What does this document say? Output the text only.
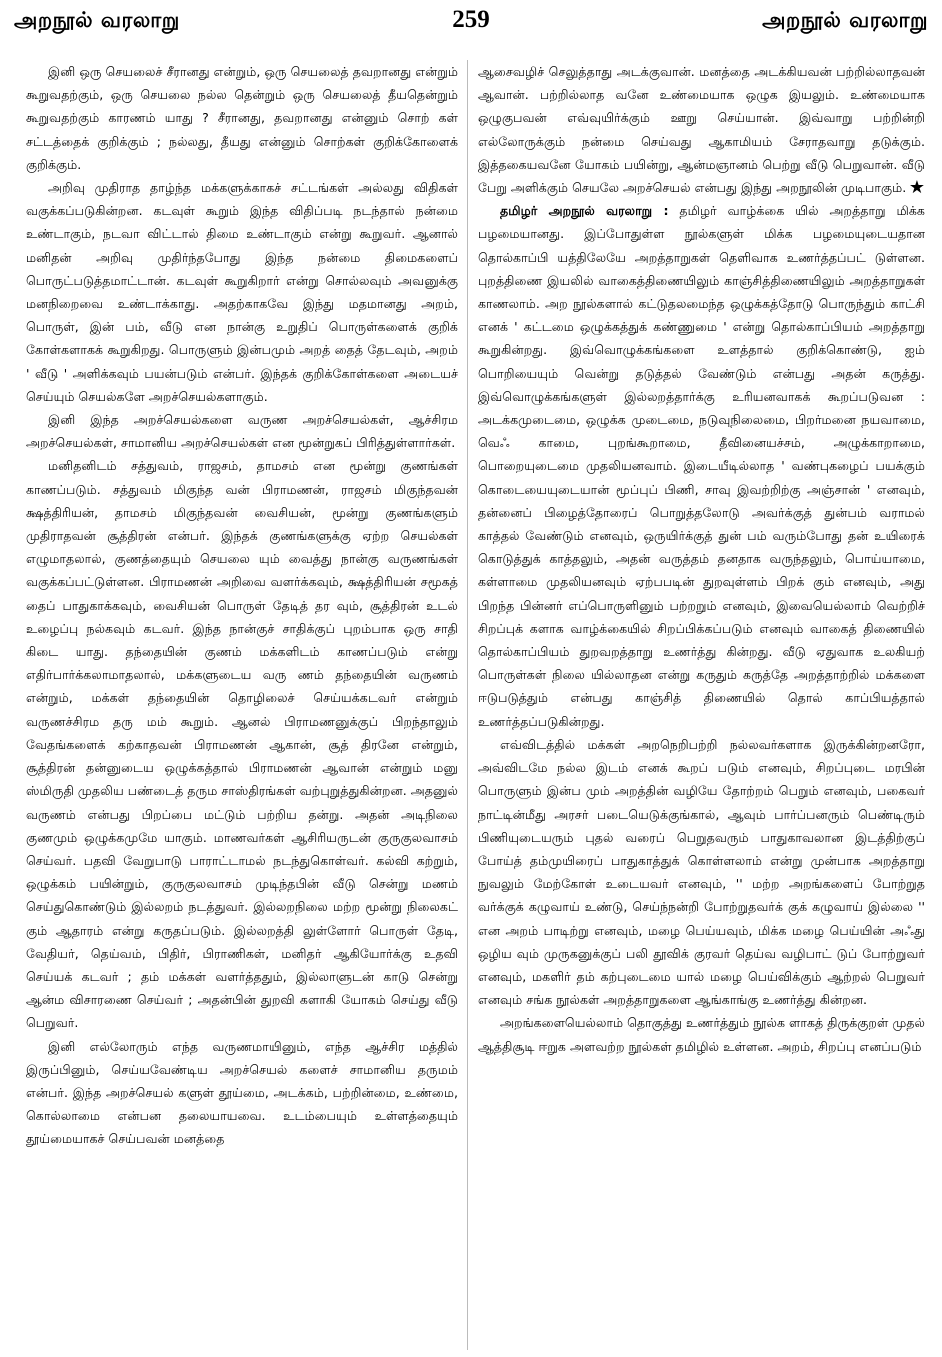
அறநூல் வரலாறு	259	அறநூல் வரலாறு

இனி ஒரு செயலைச் சீரானது என்றும், ஒரு செயலைத் தவறானது என்றும் கூறுவதற்கும், ஒரு செயலை நல்ல தென்றும் ஒரு செயலைத் தீயதென்றும் கூறுவதற்கும் காரணம் யாது ? சீரானது, தவறானது என்னும் சொற் கள் சட்டத்தைக் குறிக்கும் ; நல்லது, தீயது என்னும் சொற்கள் குறிக்கோளைக் குறிக்கும்.

அறிவு முதிராத தாழ்ந்த மக்களுக்காகச் சட்டங்கள் அல்லது விதிகள் வகுக்கப்படுகின்றன. கடவுள் கூறும் இந்த விதிப்படி நடந்தால் நன்மை உண்டாகும், நடவா விட்டால் திமை உண்டாகும் என்று கூறுவர். ஆனால் மனிதன் அறிவு முதிர்ந்தபோது இந்த நன்மை திமைகளைப் பொருட்படுத்தமாட்டான். கடவுள் கூறுகிறார் என்று சொல்லவும் அவனுக்கு மனநிறைவை உண்டாக்காது. அதற்காகவே இந்து மதமானது அறம், பொருள், இன் பம், வீடு என நான்கு உறுதிப் பொருள்களைக் குறிக் கோள்களாகக் கூறுகிறது. பொருளும் இன்பமும் அறத் தைத் தேடவும், அறம் ' வீடு ' அளிக்கவும் பயன்படும் என்பர். இந்தக் குறிக்கோள்களை அடையச் செய்யும் செயல்களே அறச்செயல்களாகும்.

இனி இந்த அறச்செயல்களை வருண அறச்செயல்கள், ஆச்சிரம அறச்செயல்கள், சாமானிய அறச்செயல்கள் என மூன்றுகப் பிரித்துள்ளார்கள்.

மனிதனிடம் சத்துவம், ராஜசம், தாமசம் என மூன்று குணங்கள் காணப்படும். சத்துவம் மிகுந்த வன் பிராமணன், ராஜசம் மிகுந்தவன் க்ஷத்திரியன், தாமசம் மிகுந்தவன் வைசியன், மூன்று குணங்களும் முதிராதவன் சூத்திரன் என்பர். இந்தக் குணங்களுக்கு ஏற்ற செயல்கள் எழுமாதலால், குணத்தையும் செயலை யும் வைத்து நான்கு வருணங்கள் வகுக்கப்பட்டுள்ளன. பிராமணன் அறிவை வளர்க்கவும், க்ஷத்திரியன் சமூகத் தைப் பாதுகாக்கவும், வைசியன் பொருள் தேடித் தர வும், சூத்திரன் உடல் உழைப்பு நல்கவும் கடவர். இந்த நான்குச் சாதிக்குப் புறம்பாக ஒரு சாதி கிடை யாது. தந்தையின் குணம் மக்களிடம் காணப்படும் என்று எதிர்பார்க்கலாமாதலால், மக்களுடைய வரு ணம் தந்தையின் வருணம் என்றும், மக்கள் தந்தையின் தொழிலைச் செய்யக்கடவர் என்றும் வருணச்சிரம தரு மம் கூறும். ஆனல் பிராமணனுக்குப் பிறந்தாலும் வேதங்களைக் கற்காதவன் பிராமணன் ஆகான், சூத் திரனே என்றும், சூத்திரன் தன்னுடைய ஒழுக்கத்தால் பிராமணன் ஆவான் என்றும் மனு ஸ்மிருதி முதலிய பண்டைத் தரும சாஸ்திரங்கள் வற்புறுத்துகின்றன. அதனுல் வருணம் என்பது பிறப்பை மட்டும் பற்றிய தன்று. அதன் அடிநிலை குணமும் ஒழுக்கமுமே யாகும். மாணவர்கள் ஆசிரியருடன் குருகுலவாசம் செய்வர். பதவி வேறுபாடு பாராட்டாமல் நடந்துகொள்வர். கல்வி கற்றும், ஒழுக்கம் பயின்றும், குருகுலவாசம் முடிந்தபின் வீடு சென்று மணம் செய்துகொண்டும் இல்லறம் நடத்துவர். இல்லறநிலை மற்ற மூன்று நிலைகட் கும் ஆதாரம் என்று கருதப்படும். இல்லறத்தி லுள்ளோர் பொருள் தேடி, வேதியர், தெய்வம், பிதிர், பிராணிகள், மனிதர் ஆகியோர்க்கு உதவி செய்யக் கடவர் ; தம் மக்கள் வளர்த்ததும், இல்லாளுடன் காடு சென்று ஆன்ம விசாரணை செய்வர் ; அதன்பின் துறவி களாகி யோகம் செய்து வீடு பெறுவர்.

இனி எல்லோரும் எந்த வருணமாயினும், எந்த ஆச்சிர மத்தில் இருப்பினும், செய்யவேண்டிய அறச்செயல் களைச் சாமானிய தருமம் என்பர். இந்த அறச்செயல் களுள் தூய்மை, அடக்கம், பற்றின்மை, உண்மை, கொல்லாமை என்பன தலையாயவை. உடம்பையும் உள்ளத்தையும் தூய்மையாகச் செய்பவன் மனத்தை

ஆசைவழிச் செலுத்தாது அடக்குவான். மனத்தை அடக்கியவன் பற்றில்லாதவன் ஆவான். பற்றில்லாத வனே உண்மையாக ஒழுக இயலும். உண்மையாக ஒழுகுபவன் எவ்வுயிர்க்கும் ஊறு செய்யான். இவ்வாறு பற்றின்றி எல்லோருக்கும் நன்மை செய்வது ஆகாமியம் சேராதவாறு தடுக்கும். இத்தகையவனே யோகம் பயின்று, ஆன்மஞானம் பெற்று வீடு பெறுவான். வீடு பேறு அளிக்கும் செயலே அறச்செயல் என்பது இந்து அறநூலின் முடிபாகும். ★

தமிழர் அறநூல் வரலாறு : தமிழர் வாழ்க்கை யில் அறத்தாறு மிக்க பழமையானது. இப்போதுள்ள நூல்களுள் மிக்க பழமையுடையதான தொல்காப்பி யத்திலேயே அறத்தாறுகள் தெளிவாக உணர்த்தப்பட் டுள்ளன. புறத்திணை இயலில் வாகைத்திணையிலும் காஞ்சித்திணையிலும் அறத்தாறுகள் காணலாம். அற நூல்களால் கட்டுதலமைந்த ஒழுக்கத்தோடு பொருந்தும் காட்சி எனக் ' கட்டமை ஒழுக்கத்துக் கண்ணுமை ' என்று தொல்காப்பியம் அறத்தாறு கூறுகின்றது. இவ்வொழுக்கங்களை உளத்தால் குறிக்கொண்டு, ஐம் பொறியையும் வென்று தடுத்தல் வேண்டும் என்பது அதன் கருத்து. இவ்வொழுக்கங்களுள் இல்லறத்தார்க்கு உரியனவாகக் கூறப்படுவன : அடக்கமுடைமை, ஒழுக்க முடைமை, நடுவுநிலைமை, பிறர்மனை நயவாமை, வெஃ காமை, புறங்கூறாமை, தீவினையச்சம், அழுக்காறாமை, பொறையுடைமை முதலியனவாம். இடையீடில்லாத ' வண்புகழைப் பயக்கும் கொடையையுடையான் மூப்புப் பிணி, சாவு இவற்றிற்கு அஞ்சான் ' எனவும், தன்னைப் பிழைத்தோரைப் பொறுத்தலோடு அவர்க்குத் துன்பம் வராமல் காத்தல் வேண்டும் எனவும், ஒருயிர்க்குத் துன் பம் வரும்போது தன் உயிரைக் கொடுத்துக் காத்தலும், அதன் வருத்தம் தனதாக வருந்தலும், பொய்யாமை, கள்ளாமை முதலியனவும் ஏற்பபடின் துறவுள்ளம் பிறக் கும் எனவும், அது பிறந்த பின்னர் எப்பொருளினும் பற்றறும் எனவும், இவையெல்லாம் வெற்றிச் சிறப்புக் களாக வாழ்க்கையில் சிறப்பிக்கப்படும் எனவும் வாகைத் திணையில் தொல்காப்பியம் துறவறத்தாறு உணர்த்து கின்றது. வீடு ஏதுவாக உலகியற் பொருள்கள் நிலை யில்லாதன என்று கருதும் கருத்தே அறத்தாற்றில் மக்களை ஈடுபடுத்தும் என்பது காஞ்சித் திணையில் தொல் காப்பியத்தால் உணர்த்தப்படுகின்றது.

எவ்விடத்தில் மக்கள் அறநெறிபற்றி நல்லவர்களாக இருக்கின்றனரோ, அவ்விடமே நல்ல இடம் எனக் கூறப் படும் எனவும், சிறப்புடை மரபின் பொருளும் இன்ப மும் அறத்தின் வழியே தோற்றம் பெறும் எனவும், பகைவர் நாட்டின்மீது அரசர் படையெடுக்குங்கால், ஆவும் பார்ப்பனரும் பெண்டிரும் பிணியுடையரும் புதல் வரைப் பெறுதவரும் பாதுகாவலான இடத்திற்குப் போய்த் தம்முயிரைப் பாதுகாத்துக் கொள்ளலாம் என்று முன்பாக அறத்தாறு நுவலும் மேற்கோள் உடையவர் எனவும், '' மற்ற அறங்களைப் போற்றுத வர்க்குக் கழுவாய் உண்டு, செய்ந்நன்றி போற்றுதவர்க் குக் கழுவாய் இல்லை '' என அறம் பாடிற்று எனவும், மழை பெய்யவும், மிக்க மழை பெய்யின் அஃது ஒழிய வும் முருகனுக்குப் பலி தூவிக் குரவர் தெய்வ வழிபாட் டுப் போற்றுவர் எனவும், மகளிர் தம் கற்புடைமை யால் மழை பெய்விக்கும் ஆற்றல் பெறுவர் எனவும் சங்க நூல்கள் அறத்தாறுகளை ஆங்காங்கு உணர்த்து கின்றன.

அறங்களையெல்லாம் தொகுத்து உணர்த்தும் நூல்க ளாகத் திருக்குறள் முதல் ஆத்திசூடி ஈறுக அளவற்ற நூல்கள் தமிழில் உள்ளன. அறம், சிறப்பு எனப்படும்
